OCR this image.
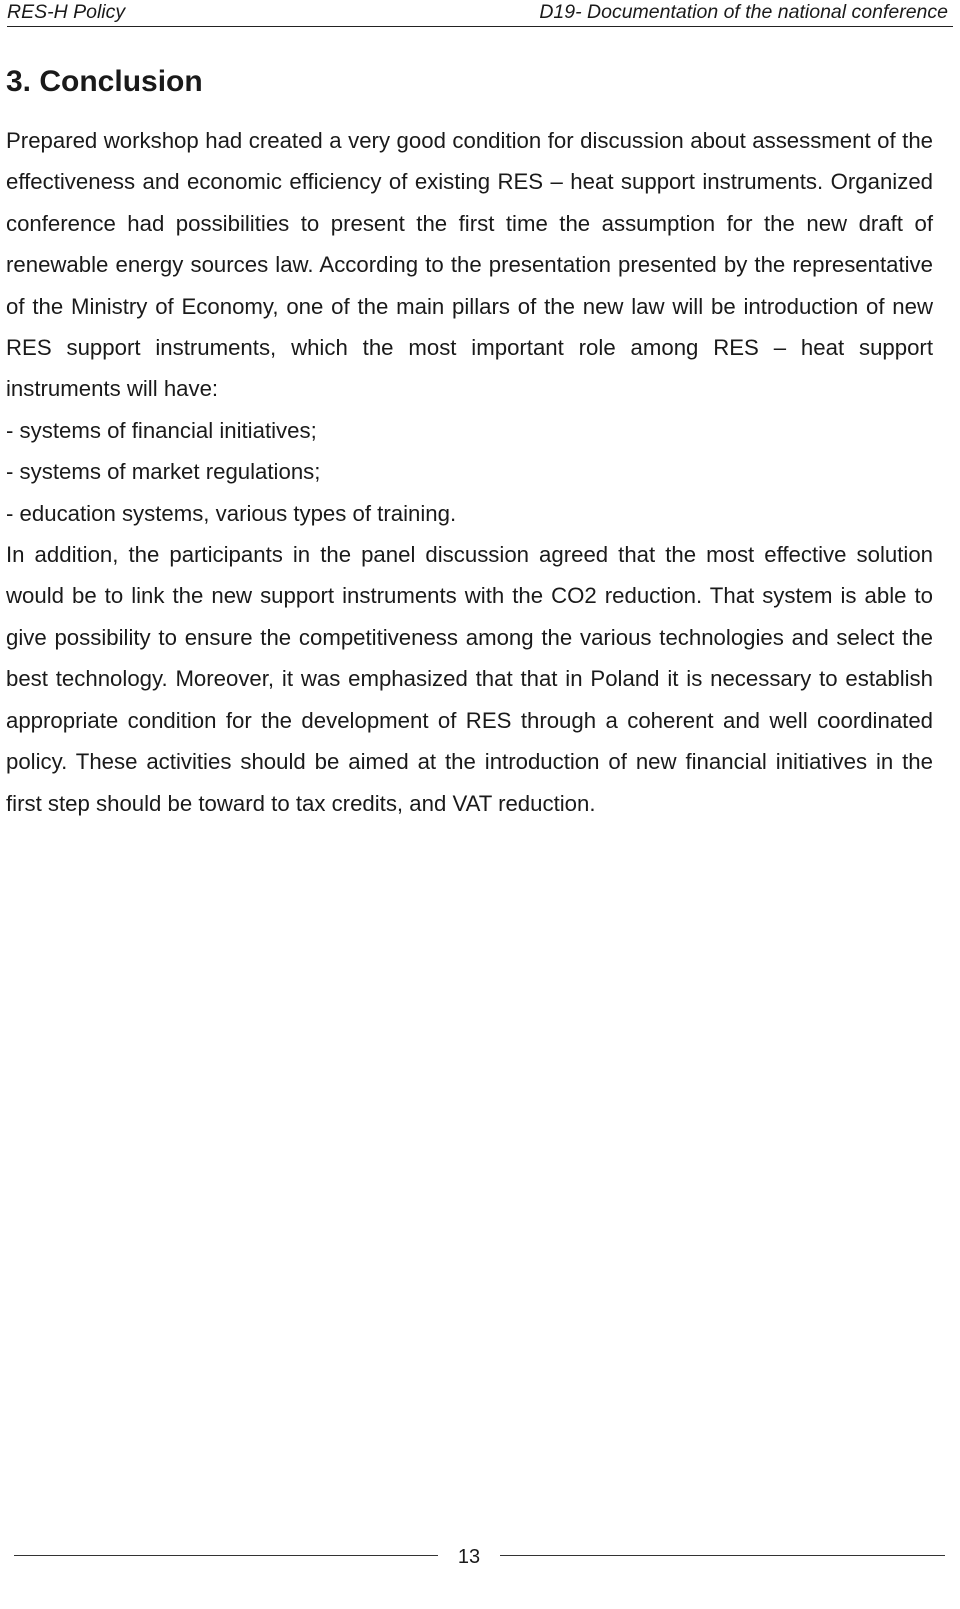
RES-H Policy	D19- Documentation of the national conference
3. Conclusion

Prepared workshop had created a very good condition for discussion about assessment of the effectiveness and economic efficiency of existing RES – heat support instruments. Organized conference had possibilities to present the first time the assumption for the new draft of renewable energy sources law. According to the presentation presented by the representative of the Ministry of Economy, one of the main pillars of the new law will be introduction of new RES support instruments, which the most important role among RES – heat support instruments will have:

- systems of financial initiatives;

- systems of market regulations;

- education systems, various types of training.

In addition, the participants in the panel discussion agreed that the most effective solution would be to link the new support instruments with the CO2 reduction. That system is able to give possibility to ensure the competitiveness among the various technologies and select the best technology. Moreover, it was emphasized that that in Poland it is necessary to establish appropriate condition for the development of RES through a coherent and well coordinated policy. These activities should be aimed at the introduction of new financial initiatives in the first step should be toward to tax credits, and VAT reduction.

13
